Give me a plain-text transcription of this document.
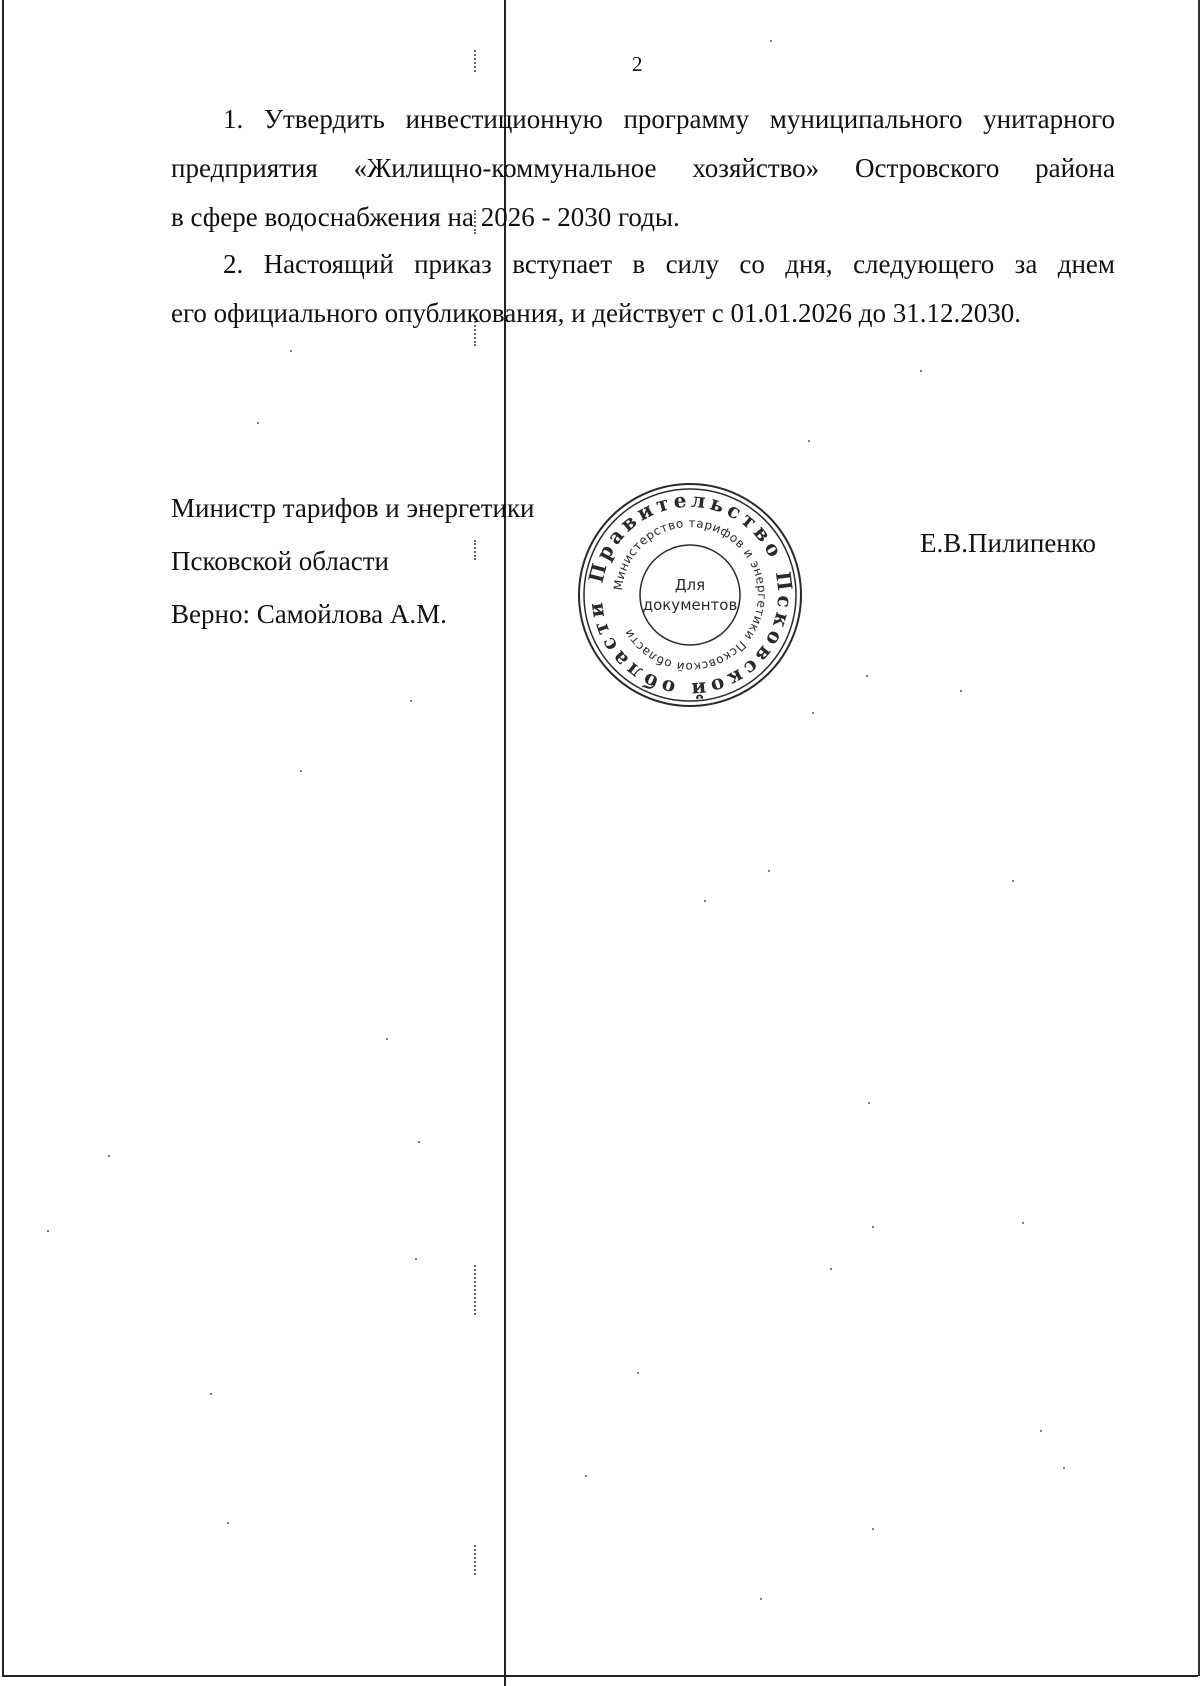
2
1. Утвердить инвестиционную программу муниципального унитарного
предприятия «Жилищно-коммунальное хозяйство» Островского района
в сфере водоснабжения на 2026 - 2030 годы.
2. Настоящий приказ вступает в силу со дня, следующего за днем
его официального опубликования, и действует с 01.01.2026 до 31.12.2030.
Министр тарифов и энергетики
Псковской области
Верно: Самойлова А.М.
Е.В.Пилипенко
Правительство Псковской области
Министерство тарифов и энергетики Псковской области
Для
документов
